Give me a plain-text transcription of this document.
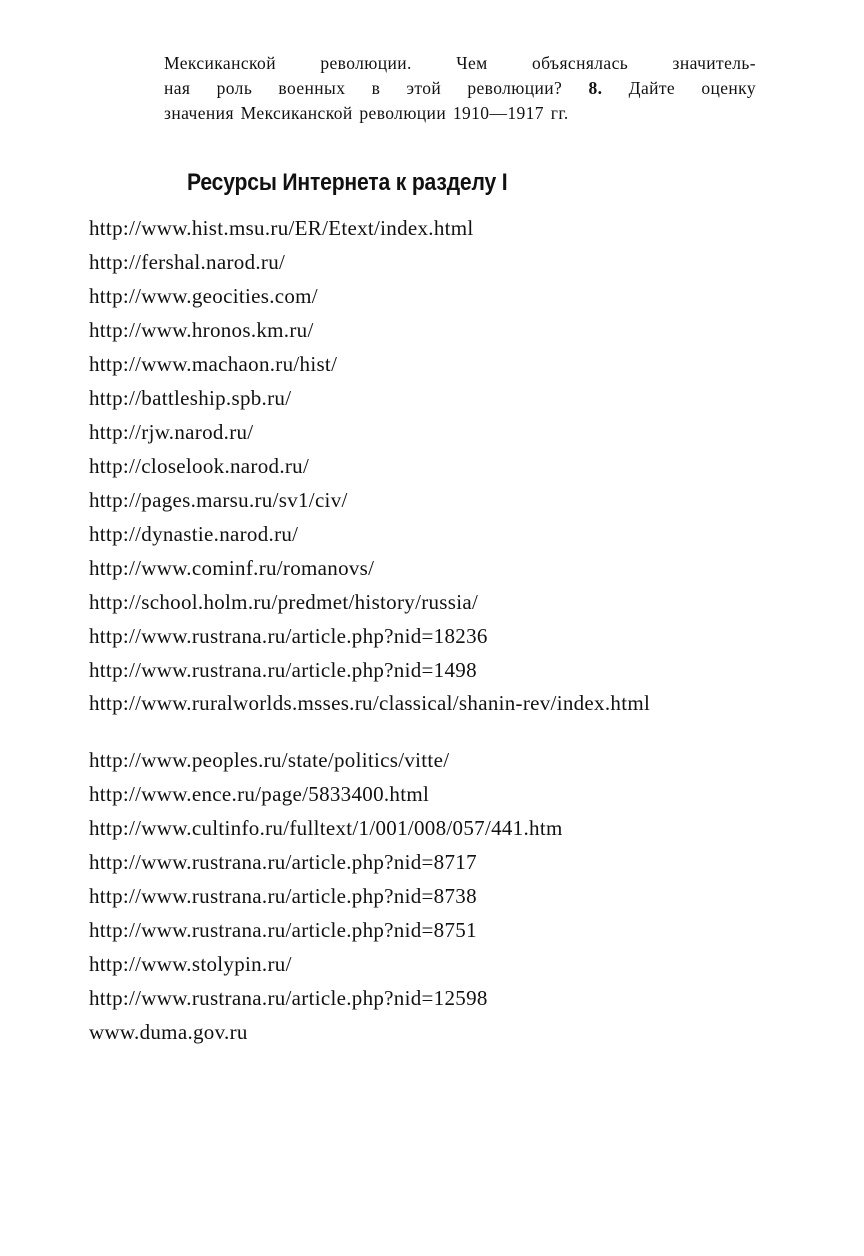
Мексиканской революции. Чем объяснялась значитель-
ная роль военных в этой революции? 8. Дайте оценку
значения Мексиканской революции 1910—1917 гг.
Ресурсы Интернета к разделу I
http://www.hist.msu.ru/ER/Etext/index.html
http://fershal.narod.ru/
http://www.geocities.com/
http://www.hronos.km.ru/
http://www.machaon.ru/hist/
http://battleship.spb.ru/
http://rjw.narod.ru/
http://closelook.narod.ru/
http://pages.marsu.ru/sv1/civ/
http://dynastie.narod.ru/
http://www.cominf.ru/romanovs/
http://school.holm.ru/predmet/history/russia/
http://www.rustrana.ru/article.php?nid=18236
http://www.rustrana.ru/article.php?nid=1498
http://www.ruralworlds.msses.ru/classical/shanin-rev/​index.html
http://www.peoples.ru/state/politics/vitte/
http://www.ence.ru/page/5833400.html
http://www.cultinfo.ru/fulltext/1/001/008/057/441.htm
http://www.rustrana.ru/article.php?nid=8717
http://www.rustrana.ru/article.php?nid=8738
http://www.rustrana.ru/article.php?nid=8751
http://www.stolypin.ru/
http://www.rustrana.ru/article.php?nid=12598
www.duma.gov.ru
